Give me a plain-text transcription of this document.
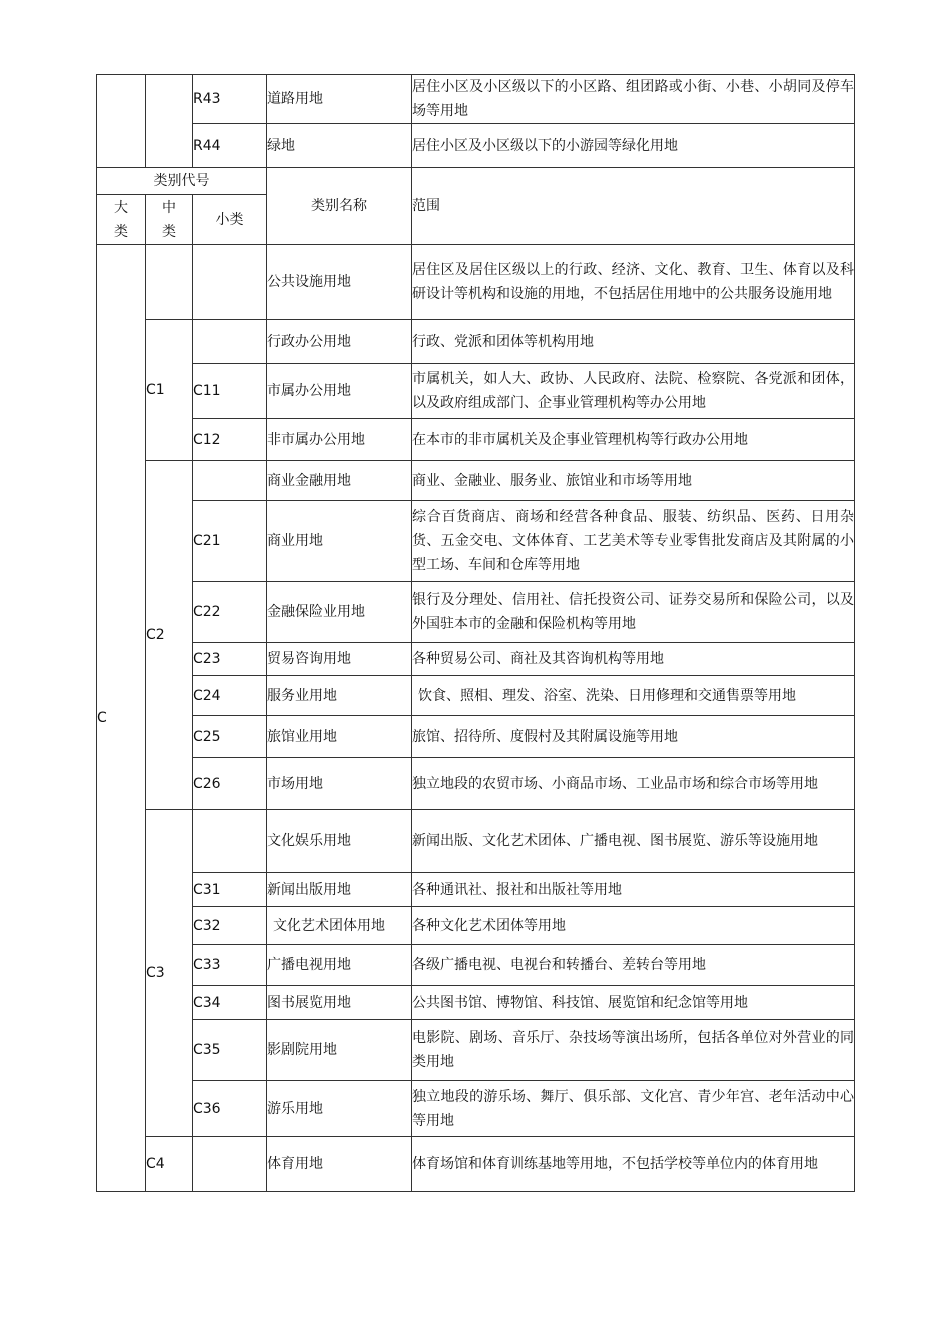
		R43	道路用地	居住小区及小区级以下的小区路、组团路或小街、小巷、小胡同及停车场等用地
		R44	绿地	居住小区及小区级以下的小游园等绿化用地
类别代号			类别名称	范围
大类	中类	小类		
C			公共设施用地	居住区及居住区级以上的行政、经济、文化、教育、卫生、体育以及科研设计等机构和设施的用地，不包括居住用地中的公共服务设施用地
	C1		行政办公用地	行政、党派和团体等机构用地
		C11	市属办公用地	市属机关，如人大、政协、人民政府、法院、检察院、各党派和团体，以及政府组成部门、企事业管理机构等办公用地
		C12	非市属办公用地	在本市的非市属机关及企事业管理机构等行政办公用地
	C2		商业金融用地	商业、金融业、服务业、旅馆业和市场等用地
		C21	商业用地	综合百货商店、商场和经营各种食品、服装、纺织品、医药、日用杂货、五金交电、文体体育、工艺美术等专业零售批发商店及其附属的小型工场、车间和仓库等用地
		C22	金融保险业用地	银行及分理处、信用社、信托投资公司、证券交易所和保险公司，以及外国驻本市的金融和保险机构等用地
		C23	贸易咨询用地	各种贸易公司、商社及其咨询机构等用地
		C24	服务业用地	饮食、照相、理发、浴室、洗染、日用修理和交通售票等用地
		C25	旅馆业用地	旅馆、招待所、度假村及其附属设施等用地
		C26	市场用地	独立地段的农贸市场、小商品市场、工业品市场和综合市场等用地
	C3		文化娱乐用地	新闻出版、文化艺术团体、广播电视、图书展览、游乐等设施用地
		C31	新闻出版用地	各种通讯社、报社和出版社等用地
		C32	文化艺术团体用地	各种文化艺术团体等用地
		C33	广播电视用地	各级广播电视、电视台和转播台、差转台等用地
		C34	图书展览用地	公共图书馆、博物馆、科技馆、展览馆和纪念馆等用地
		C35	影剧院用地	电影院、剧场、音乐厅、杂技场等演出场所，包括各单位对外营业的同类用地
		C36	游乐用地	独立地段的游乐场、舞厅、俱乐部、文化宫、青少年宫、老年活动中心等用地
	C4		体育用地	体育场馆和体育训练基地等用地，不包括学校等单位内的体育用地
